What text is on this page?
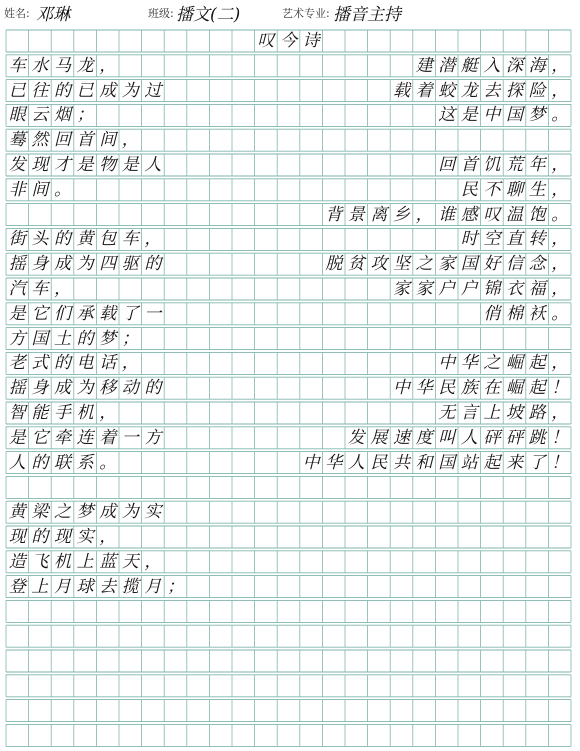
姓名: 邓琳	班级: 播文(二)	艺术专业: 播音主持
叹 今 诗
车 水 马 龙 ，
已 往 的 已 成 为 过
眼 云 烟 ；
蓦 然 回 首 间 ，
发 现 才 是 物 是 人
非 间 。
街 头 的 黄 包 车 ，
摇 身 成 为 四 驱 的
汽 车 ，
是 它 们 承 载 了 一
方 国 土 的 梦 ；
老 式 的 电 话 ，
摇 身 成 为 移 动 的
智 能 手 机 ，
是 它 牵 连 着 一 方
人 的 联 系 。
黄 梁 之 梦 成 为 实
现 的 现 实 ，
造 飞 机 上 蓝 天 ，
登 上 月 球 去 揽 月 ；
建 潜 艇 入 深 海 ，
载 着 蛟 龙 去 探 险 ，
这 是 中 国 梦 。
回 首 饥 荒 年 ，
民 不 聊 生 ，
背 景 离 乡 ， 谁 感 叹 温 饱 。
时 空 直 转 ，
脱 贫 攻 坚 之 家 国 好 信 念 ，
家 家 户 户 锦 衣 福 ，
俏 棉 袄 。
中 华 之 崛 起 ，
中 华 民 族 在 崛 起 ！
无 言 上 坡 路 ，
发 展 速 度 叫 人 砰 砰 跳 ！
中 华 人 民 共 和 国 站 起 来 了 ！
